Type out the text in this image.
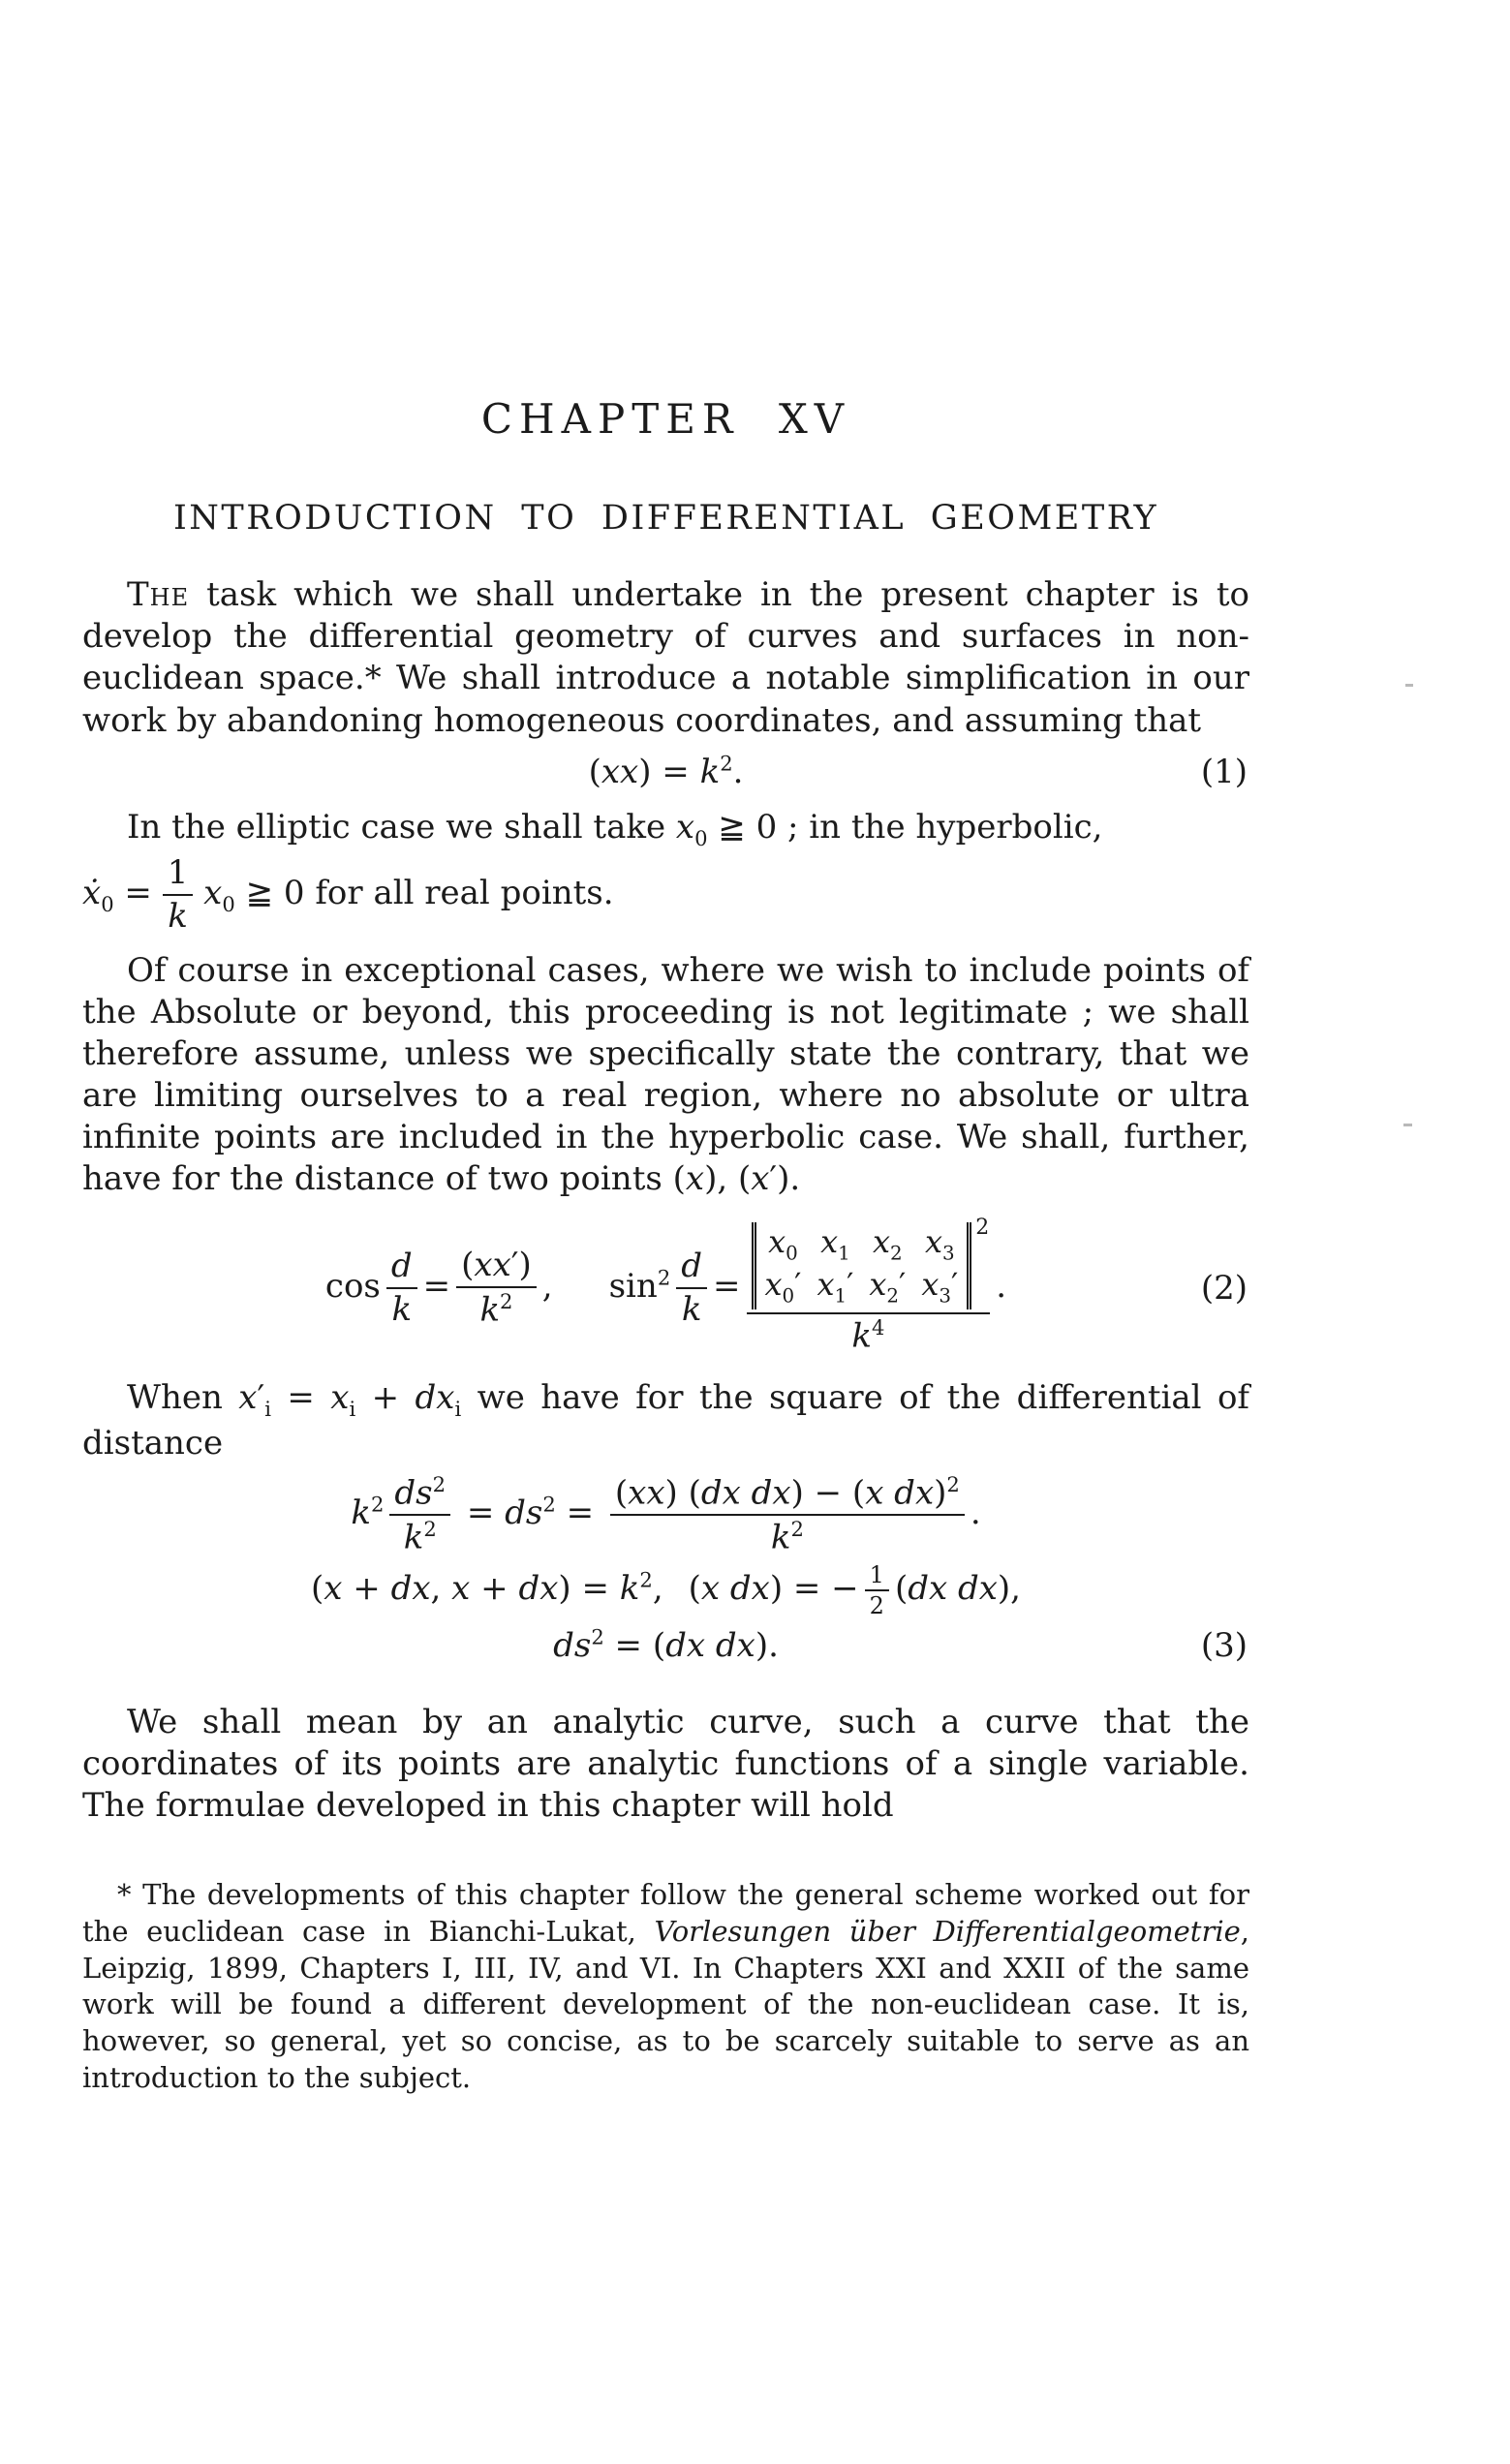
CHAPTER XV
INTRODUCTION TO DIFFERENTIAL GEOMETRY

The task which we shall undertake in the present chapter is to develop the differential geometry of curves and surfaces in non-euclidean space.* We shall introduce a notable simplification in our work by abandoning homogeneous coordinates, and assuming that

$(xx) = k^2$.	(1)

In the elliptic case we shall take $x_0$ ≧ 0 ; in the hyperbolic,

ẋ$_0$ = $\frac{1}{k} x_0$ ≧ 0 for all real points.

Of course in exceptional cases, where we wish to include points of the Absolute or beyond, this proceeding is not legitimate ; we shall therefore assume, unless we specifically state the contrary, that we are limiting ourselves to a real region, where no absolute or ultra infinite points are included in the hyperbolic case. We shall, further, have for the distance of two points (x), (x′).

$\cos \frac{d}{k} = \frac{(xx')}{k^2}$ , $\sin^2 \frac{d}{k} = x_0$ $x_1$ $x_2$ $x_3$
$x_0'$ $x_1'$ $x_2'$ $x_3'$
2
$k^4$ .	(2)

When $x'_i = x_i + dx_i$ we have for the square of the differential of distance

$k^2 \frac{ds^2}{k^2} = ds^2 = \frac{(xx) (dx dx) - (x dx)^2}{k^2}$ .
(x + dx, $x + dx) = k^2$, (x dx) = − $\frac{1}{2} (dx$ dx),
$ds^2 = (dx$ dx).	(3)

We shall mean by an analytic curve, such a curve that the coordinates of its points are analytic functions of a single variable. The formulae developed in this chapter will hold

* The developments of this chapter follow the general scheme worked out for the euclidean case in Bianchi-Lukat, Vorlesungen über Differentialgeometrie, Leipzig, 1899, Chapters I, III, IV, and VI. In Chapters XXI and XXII of the same work will be found a different development of the non-euclidean case. It is, however, so general, yet so concise, as to be scarcely suitable to serve as an introduction to the subject.
